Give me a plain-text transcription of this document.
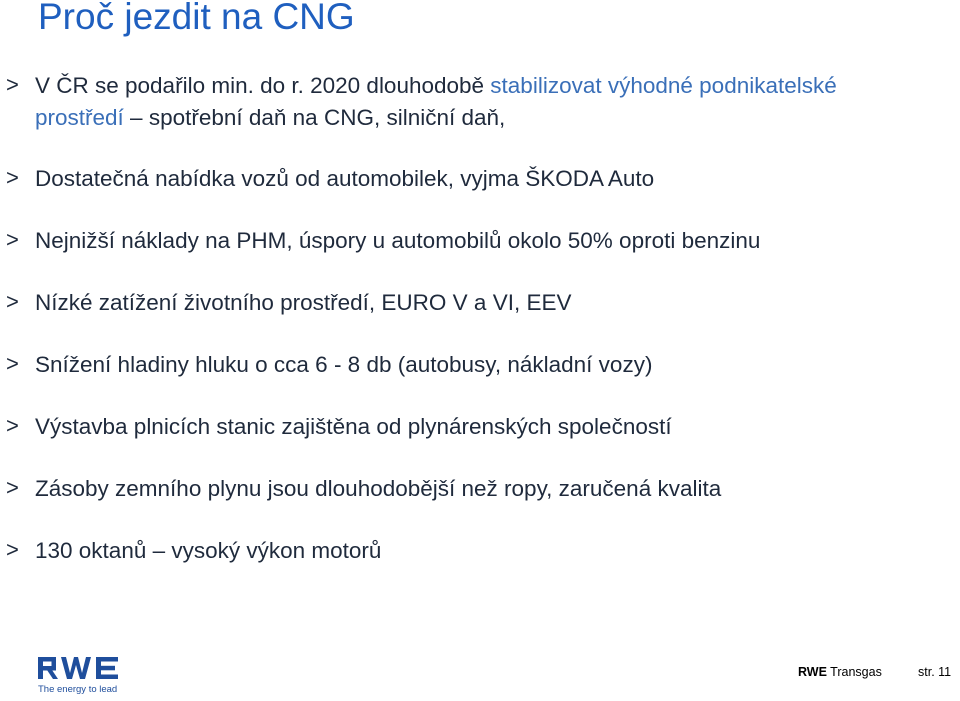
Proč jezdit na CNG
> V ČR se podařilo min. do r. 2020 dlouhodobě stabilizovat výhodné podnikatelské
prostředí – spotřební daň na CNG, silniční daň,
> Dostatečná nabídka vozů od automobilek, vyjma ŠKODA Auto
> Nejnižší náklady na PHM, úspory u automobilů okolo 50% oproti benzinu
> Nízké zatížení životního prostředí, EURO V a VI, EEV
> Snížení hladiny hluku o cca 6 - 8 db (autobusy, nákladní vozy)
> Výstavba plnicích stanic zajištěna od plynárenských společností
> Zásoby zemního plynu jsou dlouhodobější než ropy, zaručená kvalita
> 130 oktanů – vysoký výkon motorů
The energy to lead
RWE Transgas	str. 11
